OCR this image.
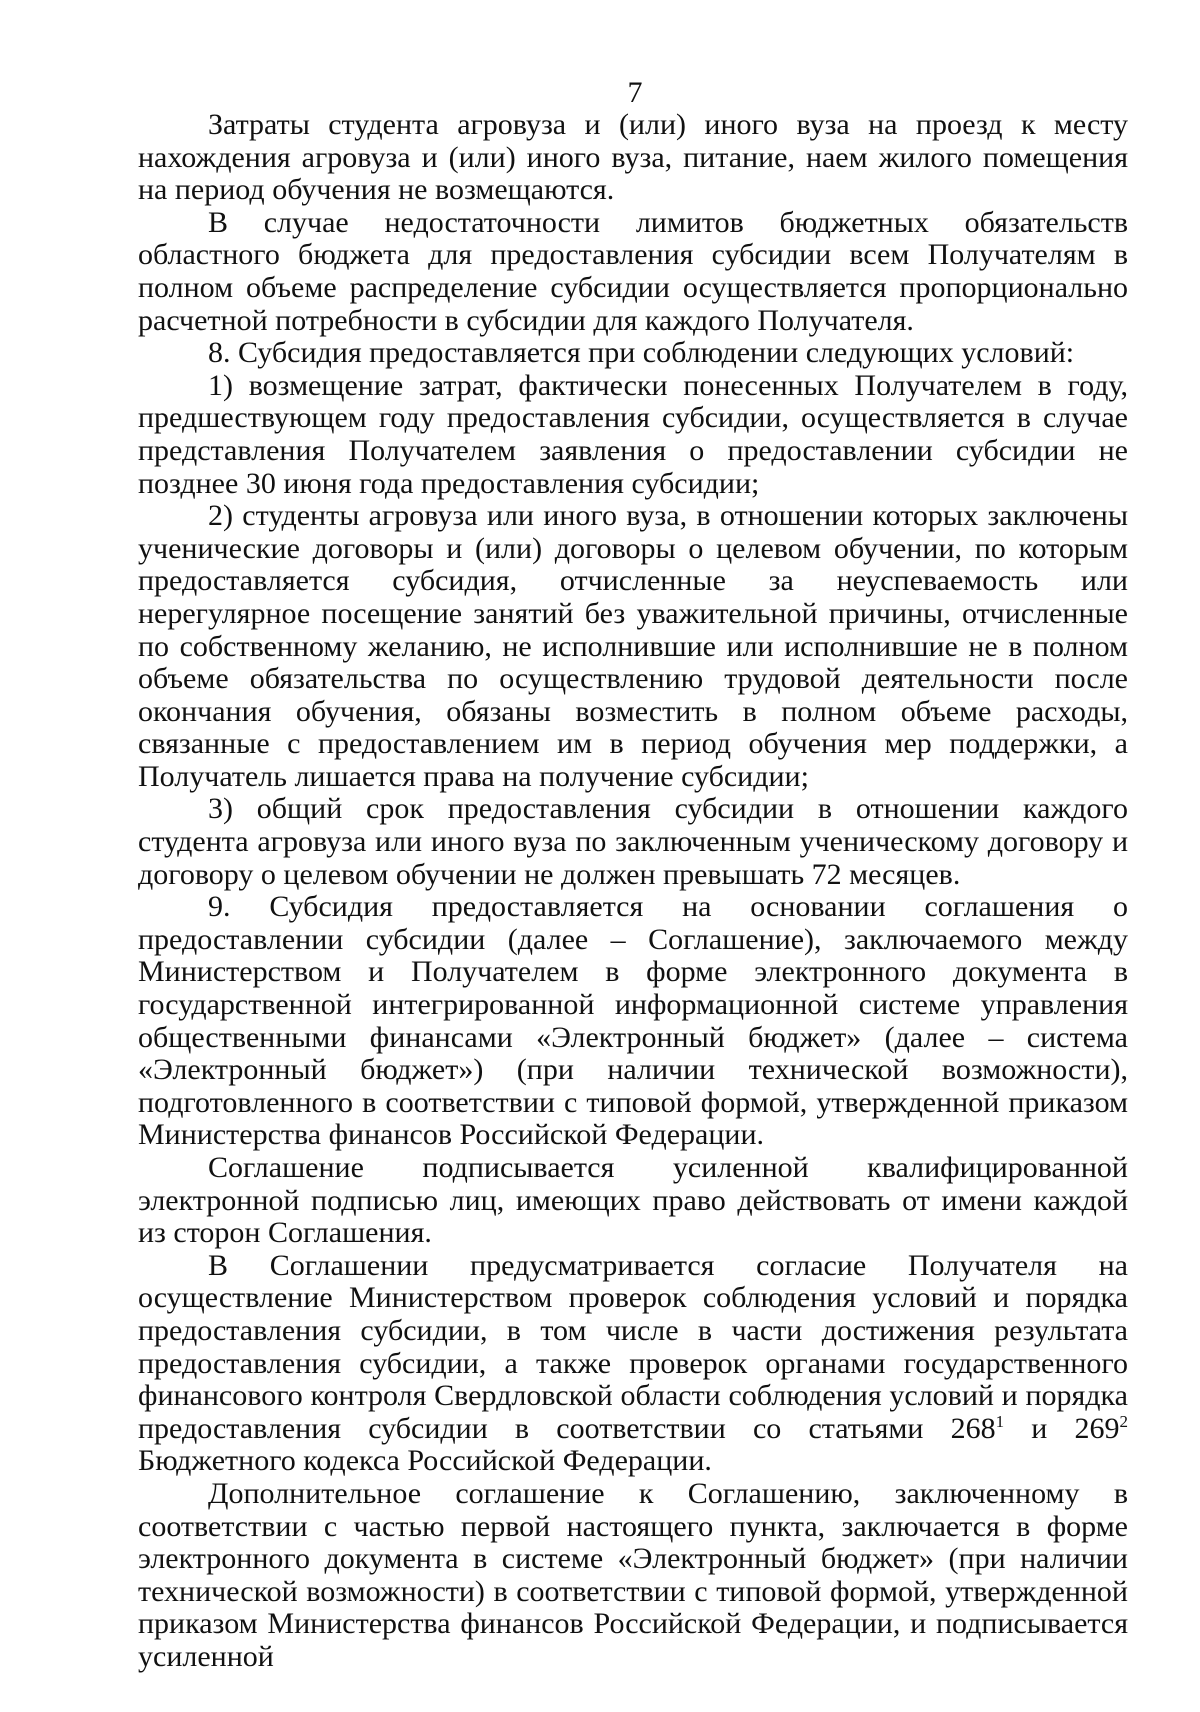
7

Затраты студента агровуза и (или) иного вуза на проезд к месту нахождения агровуза и (или) иного вуза, питание, наем жилого помещения на период обучения не возмещаются.

В случае недостаточности лимитов бюджетных обязательств областного бюджета для предоставления субсидии всем Получателям в полном объеме распределение субсидии осуществляется пропорционально расчетной потребности в субсидии для каждого Получателя.

8. Субсидия предоставляется при соблюдении следующих условий:

1) возмещение затрат, фактически понесенных Получателем в году, предшествующем году предоставления субсидии, осуществляется в случае представления Получателем заявления о предоставлении субсидии не позднее 30 июня года предоставления субсидии;

2) студенты агровуза или иного вуза, в отношении которых заключены ученические договоры и (или) договоры о целевом обучении, по которым предоставляется субсидия, отчисленные за неуспеваемость или нерегулярное посещение занятий без уважительной причины, отчисленные по собственному желанию, не исполнившие или исполнившие не в полном объеме обязательства по осуществлению трудовой деятельности после окончания обучения, обязаны возместить в полном объеме расходы, связанные с предоставлением им в период обучения мер поддержки, а Получатель лишается права на получение субсидии;

3) общий срок предоставления субсидии в отношении каждого студента агровуза или иного вуза по заключенным ученическому договору и договору о целевом обучении не должен превышать 72 месяцев.

9. Субсидия предоставляется на основании соглашения о предоставлении субсидии (далее – Соглашение), заключаемого между Министерством и Получателем в форме электронного документа в государственной интегрированной информационной системе управления общественными финансами «Электронный бюджет» (далее – система «Электронный бюджет») (при наличии технической возможности), подготовленного в соответствии с типовой формой, утвержденной приказом Министерства финансов Российской Федерации.

Соглашение подписывается усиленной квалифицированной электронной подписью лиц, имеющих право действовать от имени каждой из сторон Соглашения.

В Соглашении предусматривается согласие Получателя на осуществление Министерством проверок соблюдения условий и порядка предоставления субсидии, в том числе в части достижения результата предоставления субсидии, а также проверок органами государственного финансового контроля Свердловской области соблюдения условий и порядка предоставления субсидии в соответствии со статьями $268^1$ и $269^2$ Бюджетного кодекса Российской Федерации.

Дополнительное соглашение к Соглашению, заключенному в соответствии с частью первой настоящего пункта, заключается в форме электронного документа в системе «Электронный бюджет» (при наличии технической возможности) в соответствии с типовой формой, утвержденной приказом Министерства финансов Российской Федерации, и подписывается усиленной
